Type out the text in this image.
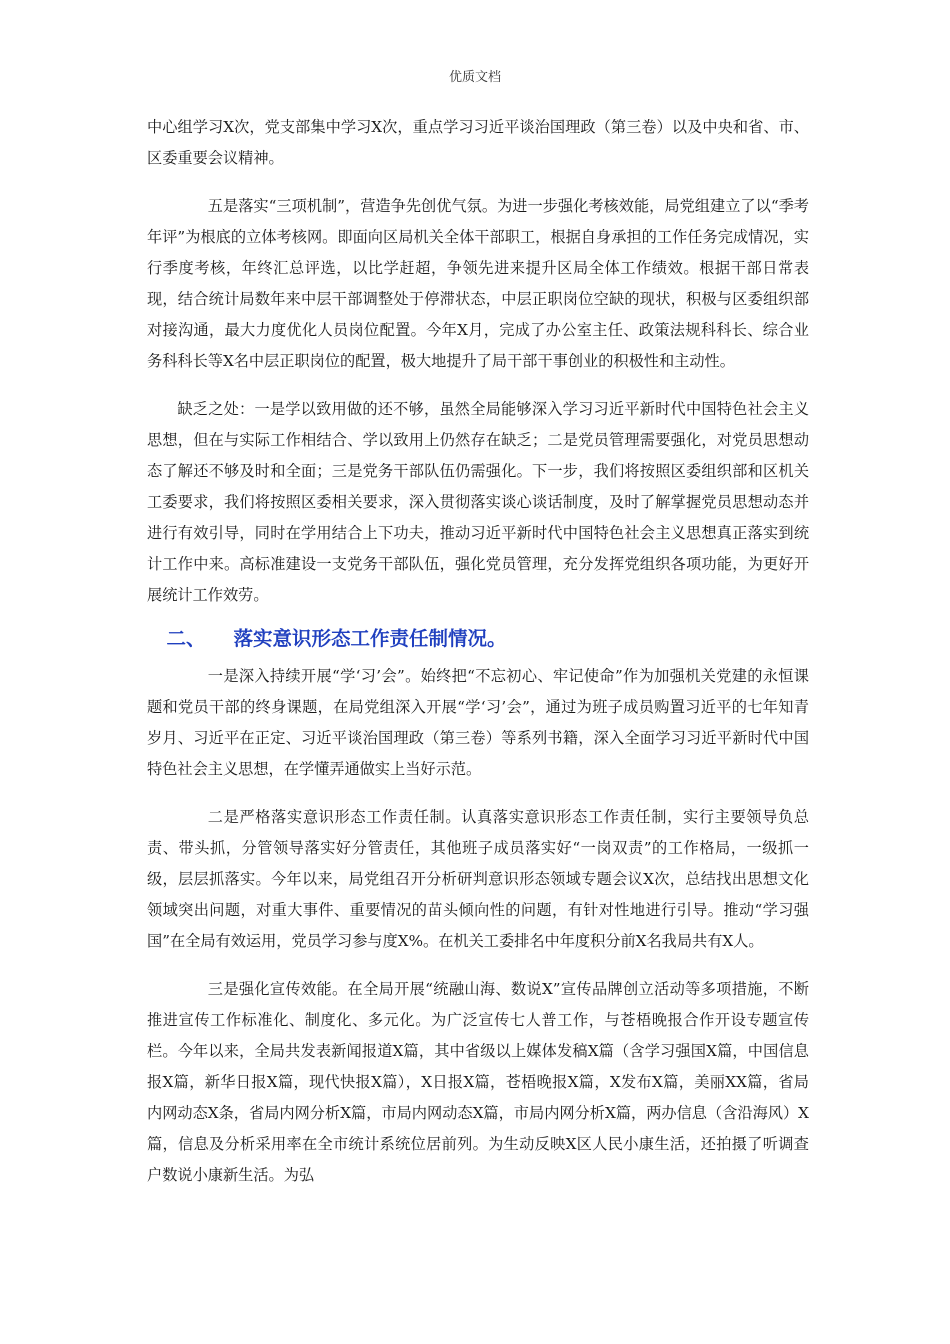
优质文档

中心组学习X次，党支部集中学习X次，重点学习习近平谈治国理政（第三卷）以及中央和省、市、区委重要会议精神。

五是落实“三项机制”，营造争先创优气氛。为进一步强化考核效能，局党组建立了以“季考年评”为根底的立体考核网。即面向区局机关全体干部职工，根据自身承担的工作任务完成情况，实行季度考核，年终汇总评选，以比学赶超，争领先进来提升区局全体工作绩效。根据干部日常表现，结合统计局数年来中层干部调整处于停滞状态，中层正职岗位空缺的现状，积极与区委组织部对接沟通，最大力度优化人员岗位配置。今年X月，完成了办公室主任、政策法规科科长、综合业务科科长等X名中层正职岗位的配置，极大地提升了局干部干事创业的积极性和主动性。

缺乏之处：一是学以致用做的还不够，虽然全局能够深入学习习近平新时代中国特色社会主义思想，但在与实际工作相结合、学以致用上仍然存在缺乏；二是党员管理需要强化，对党员思想动态了解还不够及时和全面；三是党务干部队伍仍需强化。下一步，我们将按照区委组织部和区机关工委要求，我们将按照区委相关要求，深入贯彻落实谈心谈话制度，及时了解掌握党员思想动态并进行有效引导，同时在学用结合上下功夫，推动习近平新时代中国特色社会主义思想真正落实到统计工作中来。高标准建设一支党务干部队伍，强化党员管理，充分发挥党组织各项功能，为更好开展统计工作效劳。

二、 落实意识形态工作责任制情况。

一是深入持续开展“学‘习’会”。始终把“不忘初心、牢记使命”作为加强机关党建的永恒课题和党员干部的终身课题，在局党组深入开展“学‘习’会”，通过为班子成员购置习近平的七年知青岁月、习近平在正定、习近平谈治国理政（第三卷）等系列书籍，深入全面学习习近平新时代中国特色社会主义思想，在学懂弄通做实上当好示范。

二是严格落实意识形态工作责任制。认真落实意识形态工作责任制，实行主要领导负总责、带头抓，分管领导落实好分管责任，其他班子成员落实好“一岗双责”的工作格局，一级抓一级，层层抓落实。今年以来，局党组召开分析研判意识形态领域专题会议X次，总结找出思想文化领域突出问题，对重大事件、重要情况的苗头倾向性的问题，有针对性地进行引导。推动“学习强国”在全局有效运用，党员学习参与度X%。在机关工委排名中年度积分前X名我局共有X人。

三是强化宣传效能。在全局开展“统融山海、数说X”宣传品牌创立活动等多项措施，不断推进宣传工作标准化、制度化、多元化。为广泛宣传七人普工作，与苍梧晚报合作开设专题宣传栏。今年以来，全局共发表新闻报道X篇，其中省级以上媒体发稿X篇（含学习强国X篇，中国信息报X篇，新华日报X篇，现代快报X篇），X日报X篇，苍梧晚报X篇，X发布X篇，美丽XX篇，省局内网动态X条，省局内网分析X篇，市局内网动态X篇，市局内网分析X篇，两办信息（含沿海风）X篇，信息及分析采用率在全市统计系统位居前列。为生动反映X区人民小康生活，还拍摄了听调查户数说小康新生活。为弘
